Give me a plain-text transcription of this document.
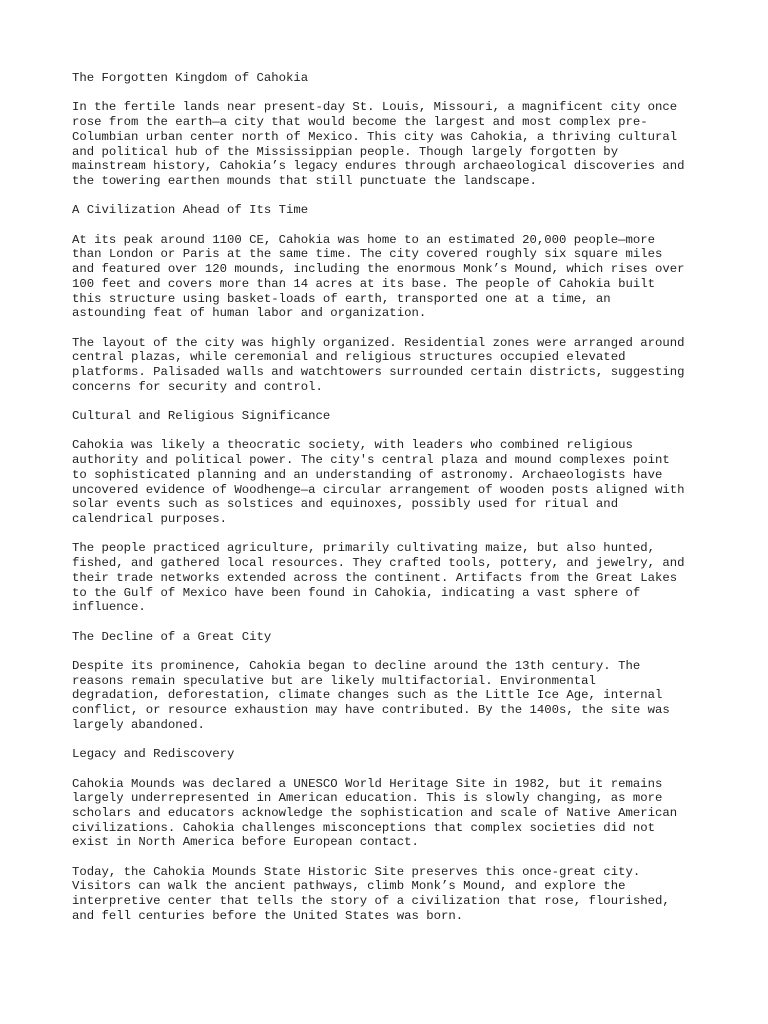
The Forgotten Kingdom of Cahokia

In the fertile lands near present-day St. Louis, Missouri, a magnificent city once
rose from the earth—a city that would become the largest and most complex pre-
Columbian urban center north of Mexico. This city was Cahokia, a thriving cultural
and political hub of the Mississippian people. Though largely forgotten by
mainstream history, Cahokia’s legacy endures through archaeological discoveries and
the towering earthen mounds that still punctuate the landscape.

A Civilization Ahead of Its Time

At its peak around 1100 CE, Cahokia was home to an estimated 20,000 people—more
than London or Paris at the same time. The city covered roughly six square miles
and featured over 120 mounds, including the enormous Monk’s Mound, which rises over
100 feet and covers more than 14 acres at its base. The people of Cahokia built
this structure using basket-loads of earth, transported one at a time, an
astounding feat of human labor and organization.

The layout of the city was highly organized. Residential zones were arranged around
central plazas, while ceremonial and religious structures occupied elevated
platforms. Palisaded walls and watchtowers surrounded certain districts, suggesting
concerns for security and control.

Cultural and Religious Significance

Cahokia was likely a theocratic society, with leaders who combined religious
authority and political power. The city's central plaza and mound complexes point
to sophisticated planning and an understanding of astronomy. Archaeologists have
uncovered evidence of Woodhenge—a circular arrangement of wooden posts aligned with
solar events such as solstices and equinoxes, possibly used for ritual and
calendrical purposes.

The people practiced agriculture, primarily cultivating maize, but also hunted,
fished, and gathered local resources. They crafted tools, pottery, and jewelry, and
their trade networks extended across the continent. Artifacts from the Great Lakes
to the Gulf of Mexico have been found in Cahokia, indicating a vast sphere of
influence.

The Decline of a Great City

Despite its prominence, Cahokia began to decline around the 13th century. The
reasons remain speculative but are likely multifactorial. Environmental
degradation, deforestation, climate changes such as the Little Ice Age, internal
conflict, or resource exhaustion may have contributed. By the 1400s, the site was
largely abandoned.

Legacy and Rediscovery

Cahokia Mounds was declared a UNESCO World Heritage Site in 1982, but it remains
largely underrepresented in American education. This is slowly changing, as more
scholars and educators acknowledge the sophistication and scale of Native American
civilizations. Cahokia challenges misconceptions that complex societies did not
exist in North America before European contact.

Today, the Cahokia Mounds State Historic Site preserves this once-great city.
Visitors can walk the ancient pathways, climb Monk’s Mound, and explore the
interpretive center that tells the story of a civilization that rose, flourished,
and fell centuries before the United States was born.
